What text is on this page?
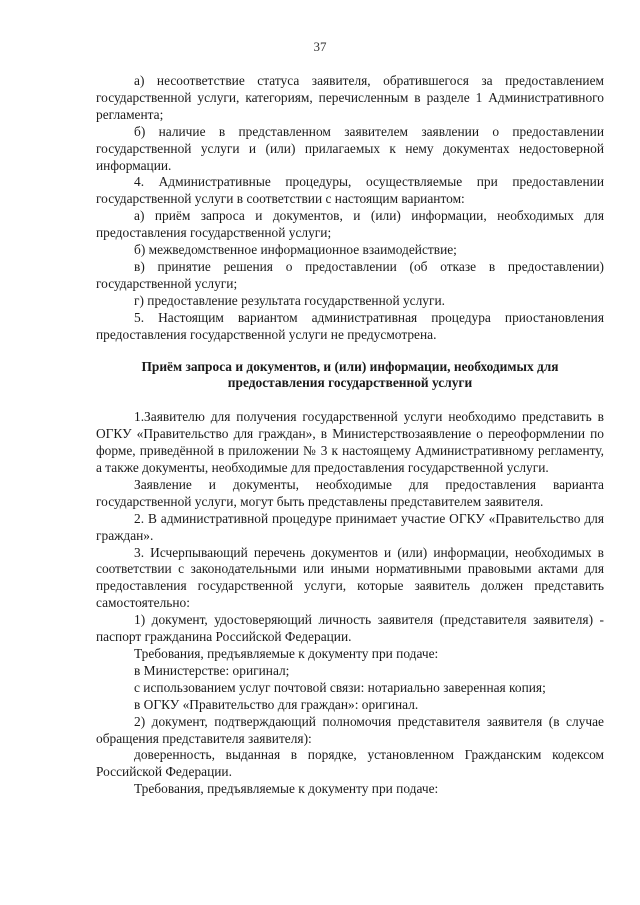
37

а) несоответствие статуса заявителя, обратившегося за предоставлением государственной услуги, категориям, перечисленным в разделе 1 Административного регламента;

б) наличие в представленном заявителем заявлении о предоставлении государственной услуги и (или) прилагаемых к нему документах недостоверной информации.

4. Административные процедуры, осуществляемые при предоставлении государственной услуги в соответствии с настоящим вариантом:

а) приём запроса и документов, и (или) информации, необходимых для предоставления государственной услуги;

б) межведомственное информационное взаимодействие;

в) принятие решения о предоставлении (об отказе в предоставлении) государственной услуги;

г) предоставление результата государственной услуги.

5. Настоящим вариантом административная процедура приостановления предоставления государственной услуги не предусмотрена.

Приём запроса и документов, и (или) информации, необходимых для предоставления государственной услуги

1.Заявителю для получения государственной услуги необходимо представить в ОГКУ «Правительство для граждан», в Министерствозаявление о переоформлении по форме, приведённой в приложении № 3 к настоящему Административному регламенту, а также документы, необходимые для предоставления государственной услуги.

Заявление и документы, необходимые для предоставления варианта государственной услуги, могут быть представлены представителем заявителя.

2. В административной процедуре принимает участие ОГКУ «Правительство для граждан».

3. Исчерпывающий перечень документов и (или) информации, необходимых в соответствии с законодательными или иными нормативными правовыми актами для предоставления государственной услуги, которые заявитель должен представить самостоятельно:

1) документ, удостоверяющий личность заявителя (представителя заявителя) - паспорт гражданина Российской Федерации.

Требования, предъявляемые к документу при подаче:

в Министерстве: оригинал;

с использованием услуг почтовой связи: нотариально заверенная копия;

в ОГКУ «Правительство для граждан»: оригинал.

2) документ, подтверждающий полномочия представителя заявителя (в случае обращения представителя заявителя):

доверенность, выданная в порядке, установленном Гражданским кодексом Российской Федерации.

Требования, предъявляемые к документу при подаче:
